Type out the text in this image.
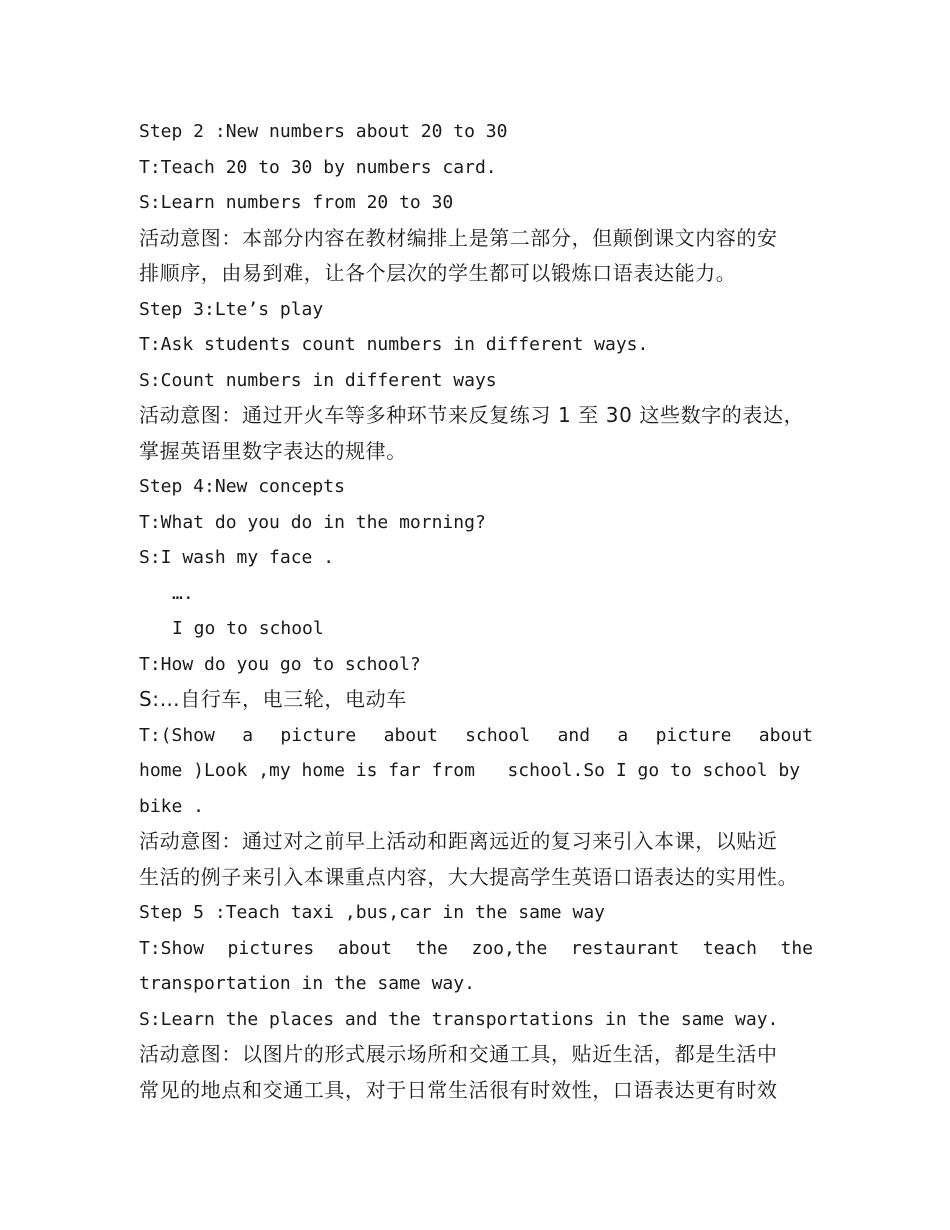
Step 2 :New numbers about 20 to 30
T:Teach 20 to 30 by numbers card.
S:Learn numbers from 20 to 30
活动意图：本部分内容在教材编排上是第二部分，但颠倒课文内容的安
排顺序，由易到难，让各个层次的学生都可以锻炼口语表达能力。
Step 3:Lte’s play
T:Ask students count numbers in different ways.
S:Count numbers in different ways
活动意图：通过开火车等多种环节来反复练习 1 至 30 这些数字的表达，
掌握英语里数字表达的规律。
Step 4:New concepts
T:What do you do in the morning?
S:I wash my face .
….
I go to school
T:How do you go to school?
S:…自行车，电三轮，电动车
T:(Show a picture about school and a picture about
home )Look ,my home is far from   school.So I go to school by
bike .
活动意图：通过对之前早上活动和距离远近的复习来引入本课，以贴近
生活的例子来引入本课重点内容，大大提高学生英语口语表达的实用性。
Step 5 :Teach taxi ,bus,car in the same way
T:Show pictures about the zoo,the restaurant teach the
transportation in the same way.
S:Learn the places and the transportations in the same way.
活动意图：以图片的形式展示场所和交通工具，贴近生活，都是生活中
常见的地点和交通工具，对于日常生活很有时效性，口语表达更有时效
